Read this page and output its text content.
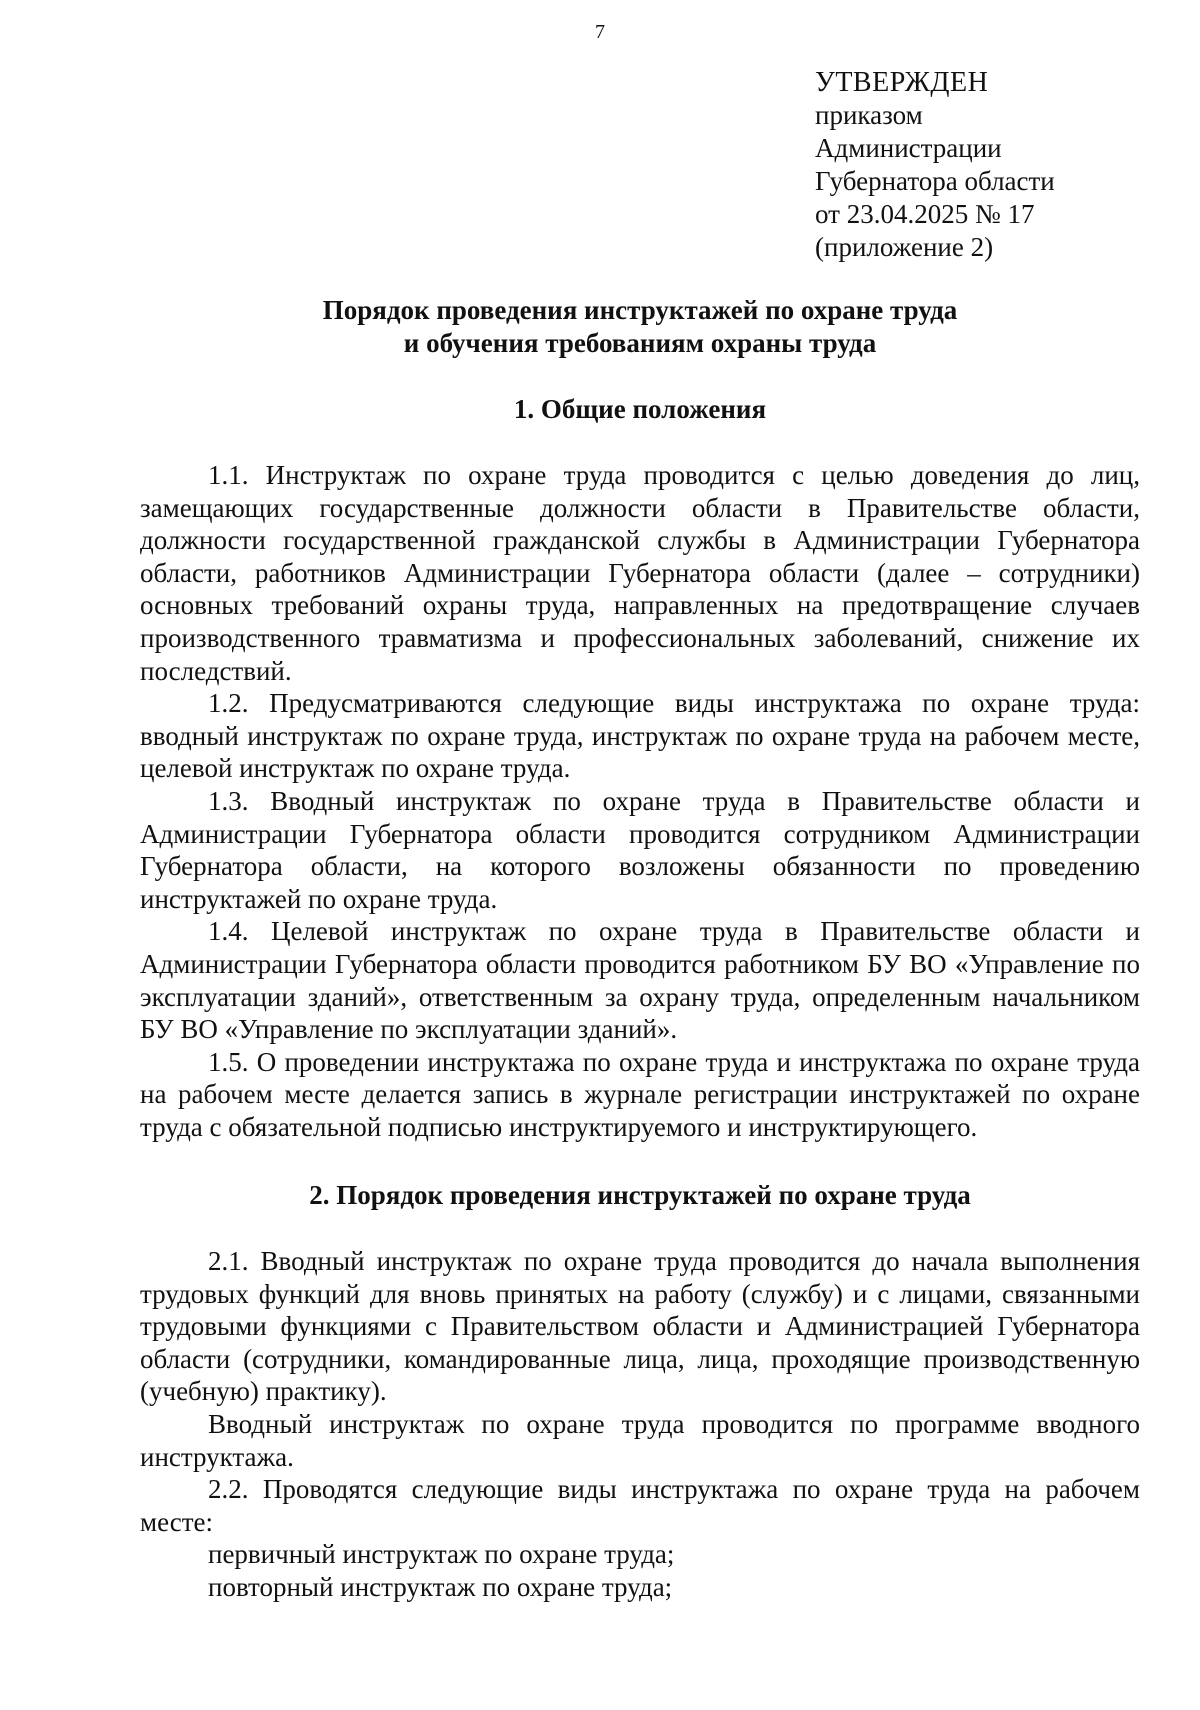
7
УТВЕРЖДЕН
приказом
Администрации
Губернатора области
от 23.04.2025 № 17
(приложение 2)
Порядок проведения инструктажей по охране труда
и обучения требованиям охраны труда
1. Общие положения

1.1. Инструктаж по охране труда проводится с целью доведения до лиц, замещающих государственные должности области в Правительстве области, должности государственной гражданской службы в Администрации Губернатора области, работников Администрации Губернатора области (далее – сотрудники) основных требований охраны труда, направленных на предотвращение случаев производственного травматизма и профессиональных заболеваний, снижение их последствий.

1.2. Предусматриваются следующие виды инструктажа по охране труда: вводный инструктаж по охране труда, инструктаж по охране труда на рабочем месте, целевой инструктаж по охране труда.

1.3. Вводный инструктаж по охране труда в Правительстве области и Администрации Губернатора области проводится сотрудником Администрации Губернатора области, на которого возложены обязанности по проведению инструктажей по охране труда.

1.4. Целевой инструктаж по охране труда в Правительстве области и Администрации Губернатора области проводится работником БУ ВО «Управление по эксплуатации зданий», ответственным за охрану труда, определенным начальником БУ ВО «Управление по эксплуатации зданий».

1.5. О проведении инструктажа по охране труда и инструктажа по охране труда на рабочем месте делается запись в журнале регистрации инструктажей по охране труда с обязательной подписью инструктируемого и инструктирующего.

2. Порядок проведения инструктажей по охране труда

2.1. Вводный инструктаж по охране труда проводится до начала выполнения трудовых функций для вновь принятых на работу (службу) и с лицами, связанными трудовыми функциями с Правительством области и Администрацией Губернатора области (сотрудники, командированные лица, лица, проходящие производственную (учебную) практику).

Вводный инструктаж по охране труда проводится по программе вводного инструктажа.

2.2. Проводятся следующие виды инструктажа по охране труда на рабочем месте:

первичный инструктаж по охране труда;

повторный инструктаж по охране труда;
